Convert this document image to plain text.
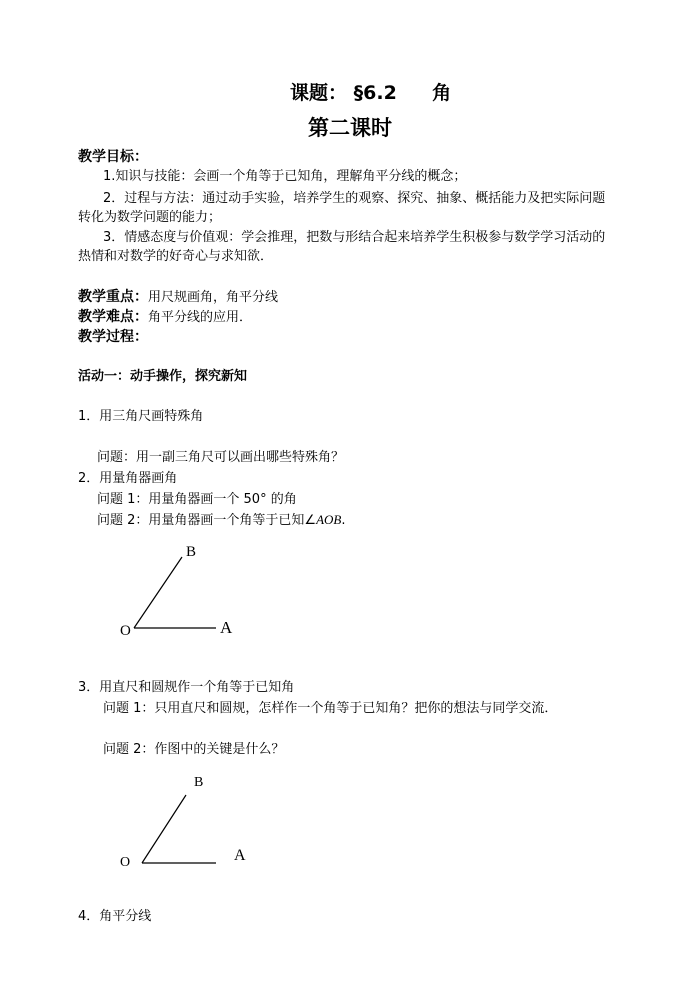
课题： §6.2 角
第二课时
教学目标：
1.知识与技能：会画一个角等于已知角，理解角平分线的概念；
2．过程与方法：通过动手实验，培养学生的观察、探究、抽象、概括能力及把实际问题
转化为数学问题的能力；
3．情感态度与价值观：学会推理，把数与形结合起来培养学生积极参与数学学习活动的
热情和对数学的好奇心与求知欲．
教学重点：用尺规画角，角平分线
教学难点：角平分线的应用．
教学过程：
活动一：动手操作，探究新知
1．用三角尺画特殊角
问题：用一副三角尺可以画出哪些特殊角？
2．用量角器画角
问题 1：用量角器画一个 50° 的角
问题 2：用量角器画一个角等于已知∠AOB.
O	A
B
3．用直尺和圆规作一个角等于已知角
问题 1：只用直尺和圆规，怎样作一个角等于已知角？把你的想法与同学交流．
问题 2：作图中的关键是什么？
O	A
B
4．角平分线
